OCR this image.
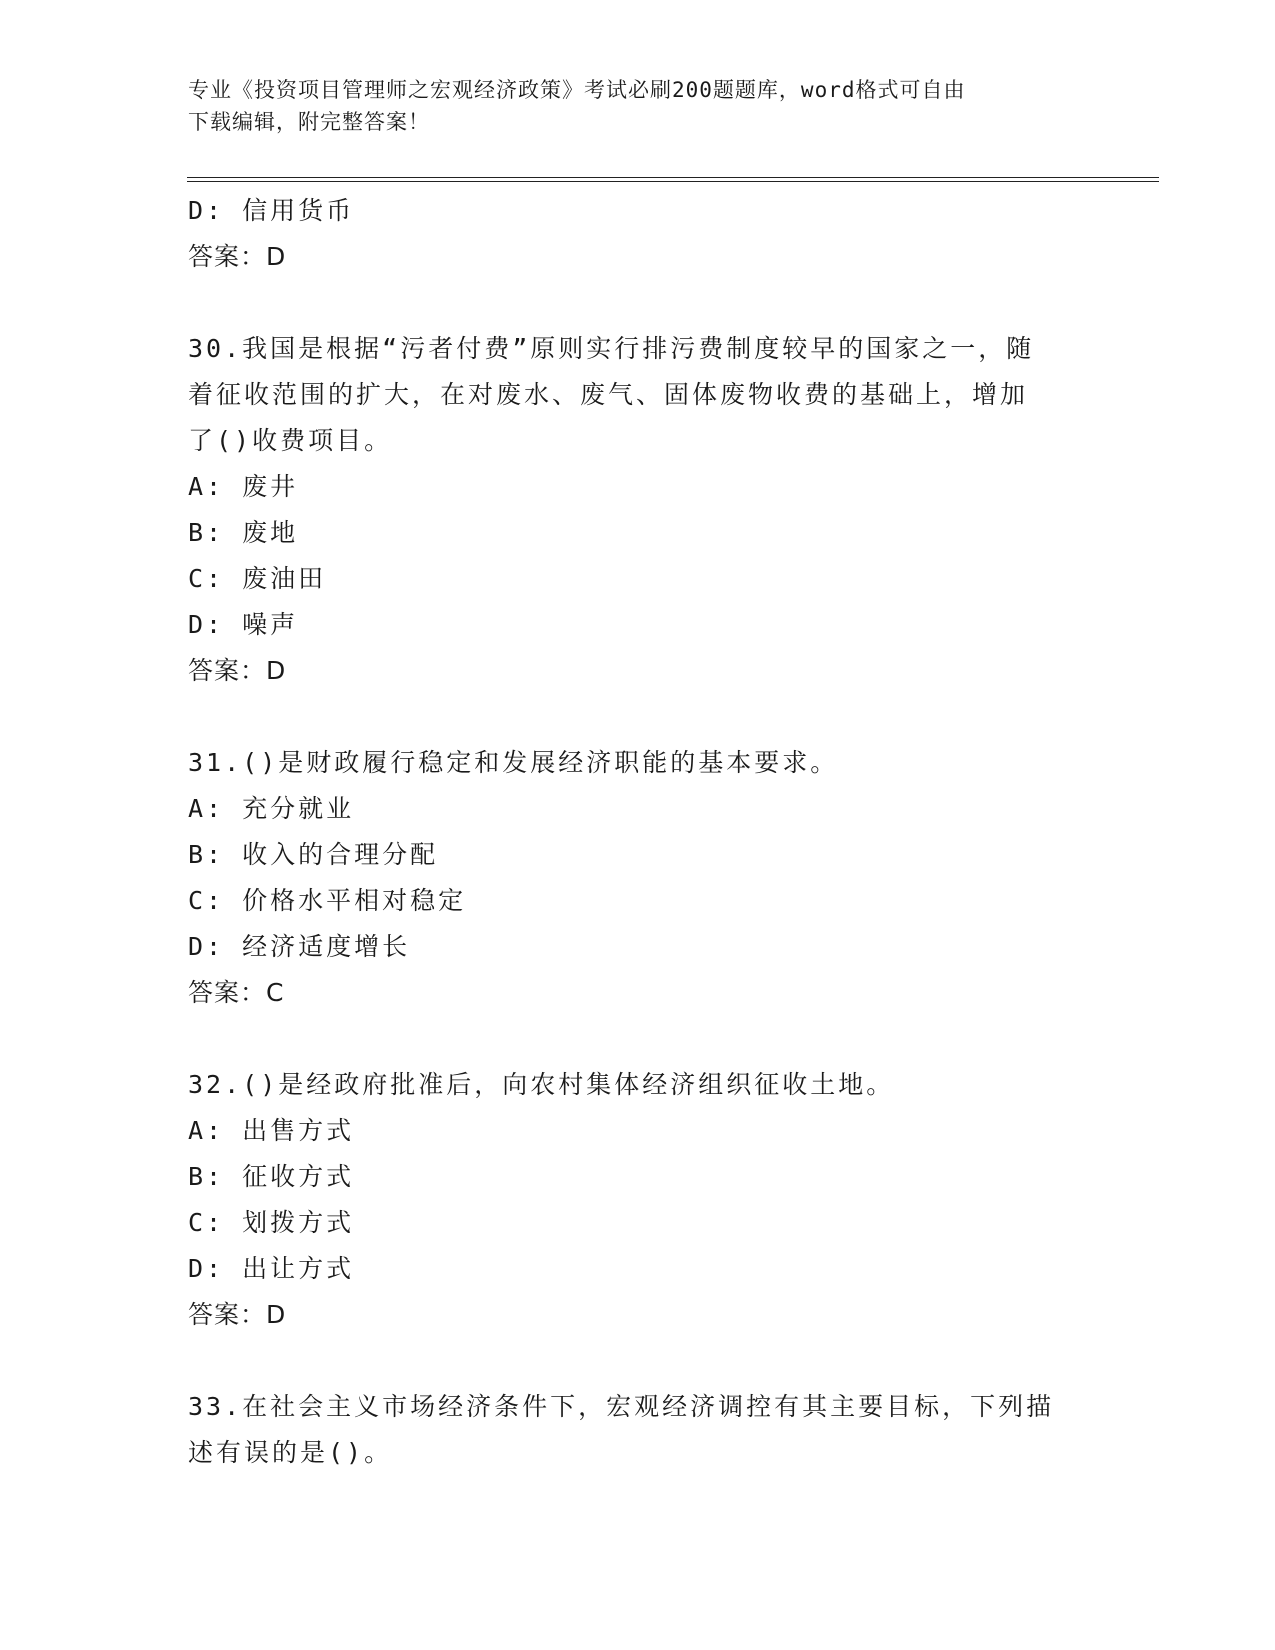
专业《投资项目管理师之宏观经济政策》考试必刷200题题库，word格式可自由
下载编辑，附完整答案！
D: 信用货币
答案：D
30.我国是根据“污者付费”原则实行排污费制度较早的国家之一，随
着征收范围的扩大，在对废水、废气、固体废物收费的基础上，增加
了()收费项目。
A: 废井
B: 废地
C: 废油田
D: 噪声
答案：D
31.()是财政履行稳定和发展经济职能的基本要求。
A: 充分就业
B: 收入的合理分配
C: 价格水平相对稳定
D: 经济适度增长
答案：C
32.()是经政府批准后，向农村集体经济组织征收土地。
A: 出售方式
B: 征收方式
C: 划拨方式
D: 出让方式
答案：D
33.在社会主义市场经济条件下，宏观经济调控有其主要目标，下列描
述有误的是()。
